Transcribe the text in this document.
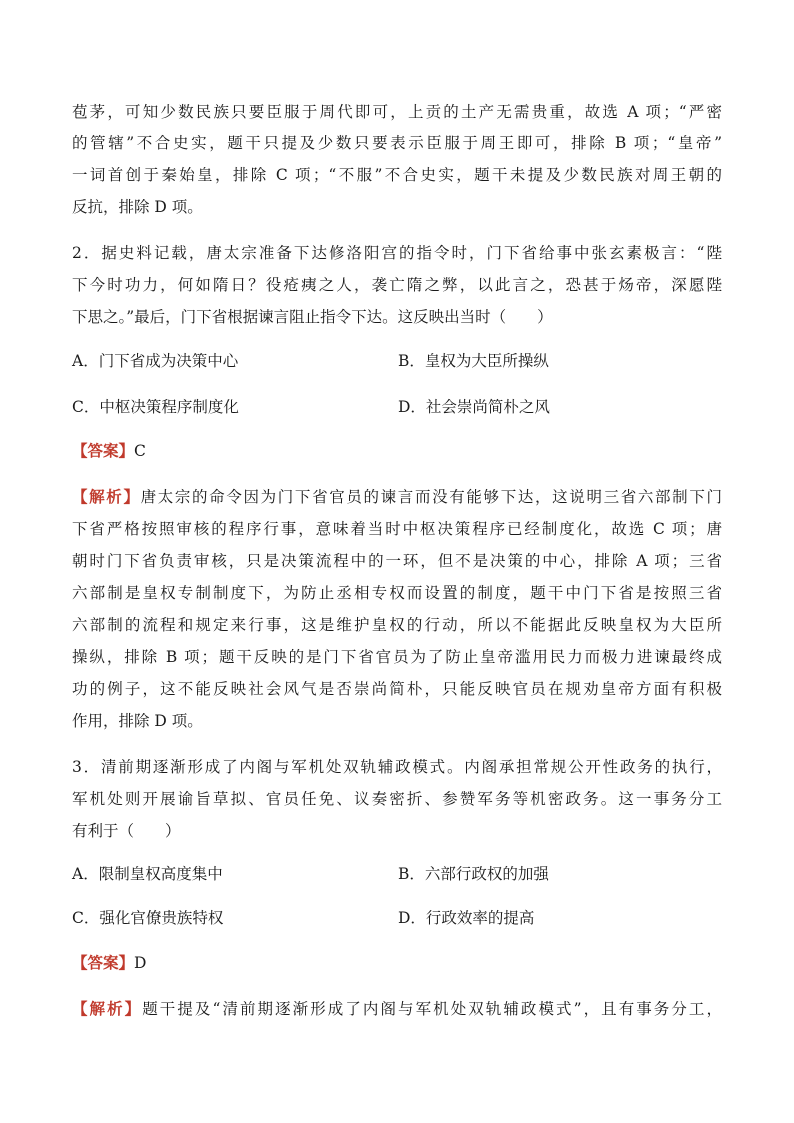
苞茅，可知少数民族只要臣服于周代即可，上贡的土产无需贵重，故选 A 项；“严密
的管辖”不合史实，题干只提及少数只要表示臣服于周王即可，排除 B 项；“皇帝”
一词首创于秦始皇，排除 C 项；“不服”不合史实，题干未提及少数民族对周王朝的
反抗，排除 D 项。
2．据史料记载，唐太宗准备下达修洛阳宫的指令时，门下省给事中张玄素极言：“陛
下今时功力，何如隋日？役疮痍之人，袭亡隋之弊，以此言之，恐甚于炀帝，深愿陛
下思之。”最后，门下省根据谏言阻止指令下达。这反映出当时（　　）
A．门下省成为决策中心	B．皇权为大臣所操纵
C．中枢决策程序制度化	D．社会崇尚简朴之风
【答案】C
【解析】唐太宗的命令因为门下省官员的谏言而没有能够下达，这说明三省六部制下门
下省严格按照审核的程序行事，意味着当时中枢决策程序已经制度化，故选 C 项；唐
朝时门下省负责审核，只是决策流程中的一环，但不是决策的中心，排除 A 项；三省
六部制是皇权专制制度下，为防止丞相专权而设置的制度，题干中门下省是按照三省
六部制的流程和规定来行事，这是维护皇权的行动，所以不能据此反映皇权为大臣所
操纵，排除 B 项；题干反映的是门下省官员为了防止皇帝滥用民力而极力进谏最终成
功的例子，这不能反映社会风气是否崇尚简朴，只能反映官员在规劝皇帝方面有积极
作用，排除 D 项。
3．清前期逐渐形成了内阁与军机处双轨辅政模式。内阁承担常规公开性政务的执行，
军机处则开展谕旨草拟、官员任免、议奏密折、参赞军务等机密政务。这一事务分工
有利于（　　）
A．限制皇权高度集中	B．六部行政权的加强
C．强化官僚贵族特权	D．行政效率的提高
【答案】D
【解析】题干提及“清前期逐渐形成了内阁与军机处双轨辅政模式”，且有事务分工，
